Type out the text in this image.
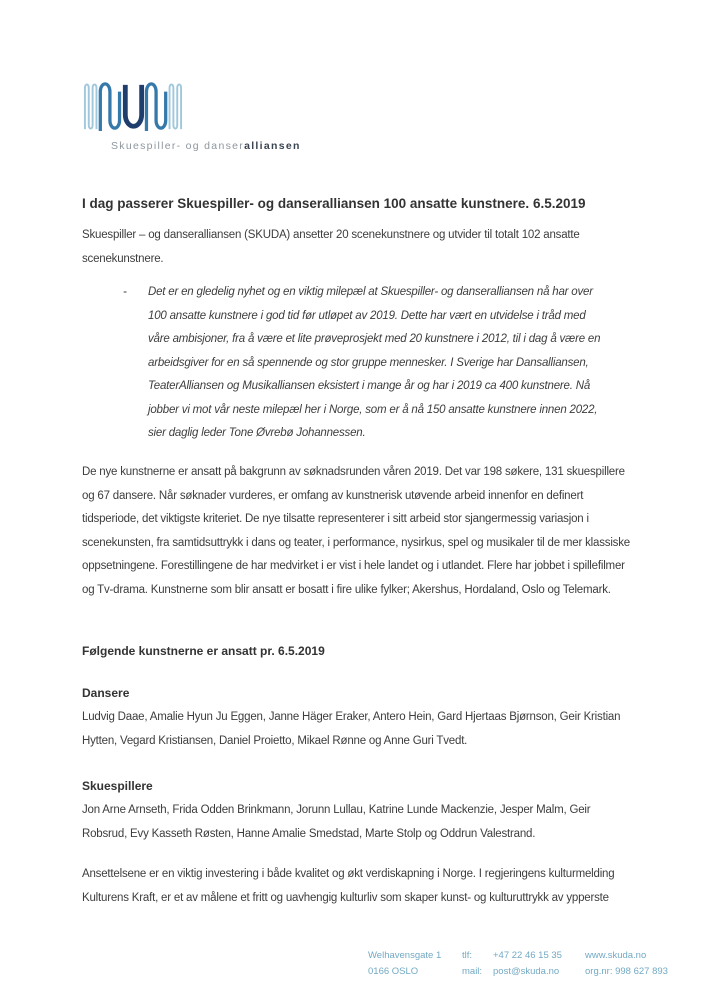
Skuespiller- og danseralliansen
I dag passerer Skuespiller- og danseralliansen 100 ansatte kunstnere. 6.5.2019
Skuespiller – og danseralliansen (SKUDA) ansetter 20 scenekunstnere og utvider til totalt 102 ansatte scenekunstnere.
-	Det er en gledelig nyhet og en viktig milepæl at Skuespiller- og danseralliansen nå har over 100 ansatte kunstnere i god tid før utløpet av 2019. Dette har vært en utvidelse i tråd med våre ambisjoner, fra å være et lite prøveprosjekt med 20 kunstnere i 2012, til i dag å være en arbeidsgiver for en så spennende og stor gruppe mennesker. I Sverige har Dansalliansen, TeaterAlliansen og Musikalliansen eksistert i mange år og har i 2019 ca 400 kunstnere. Nå jobber vi mot vår neste milepæl her i Norge, som er å nå 150 ansatte kunstnere innen 2022, sier daglig leder Tone Øvrebø Johannessen.
De nye kunstnerne er ansatt på bakgrunn av søknadsrunden våren 2019. Det var 198 søkere, 131 skuespillere og 67 dansere. Når søknader vurderes, er omfang av kunstnerisk utøvende arbeid innenfor en definert tidsperiode, det viktigste kriteriet. De nye tilsatte representerer i sitt arbeid stor sjangermessig variasjon i scenekunsten, fra samtidsuttrykk i dans og teater, i performance, nysirkus, spel og musikaler til de mer klassiske oppsetningene. Forestillingene de har medvirket i er vist i hele landet og i utlandet. Flere har jobbet i spillefilmer og Tv-drama. Kunstnerne som blir ansatt er bosatt i fire ulike fylker; Akershus, Hordaland, Oslo og Telemark.
Følgende kunstnerne er ansatt pr. 6.5.2019
Dansere
Ludvig Daae, Amalie Hyun Ju Eggen, Janne Häger Eraker, Antero Hein, Gard Hjertaas Bjørnson, Geir Kristian Hytten, Vegard Kristiansen, Daniel Proietto, Mikael Rønne og Anne Guri Tvedt.
Skuespillere
Jon Arne Arnseth, Frida Odden Brinkmann, Jorunn Lullau, Katrine Lunde Mackenzie, Jesper Malm, Geir Robsrud, Evy Kasseth Røsten, Hanne Amalie Smedstad, Marte Stolp og Oddrun Valestrand.
Ansettelsene er en viktig investering i både kvalitet og økt verdiskapning i Norge. I regjeringens kulturmelding Kulturens Kraft, er et av målene et fritt og uavhengig kulturliv som skaper kunst- og kulturuttrykk av ypperste
Welhavensgate 1
0166 OSLO
tlf:	+47 22 46 15 35
mail:	post@skuda.no
www.skuda.no
org.nr: 998 627 893
